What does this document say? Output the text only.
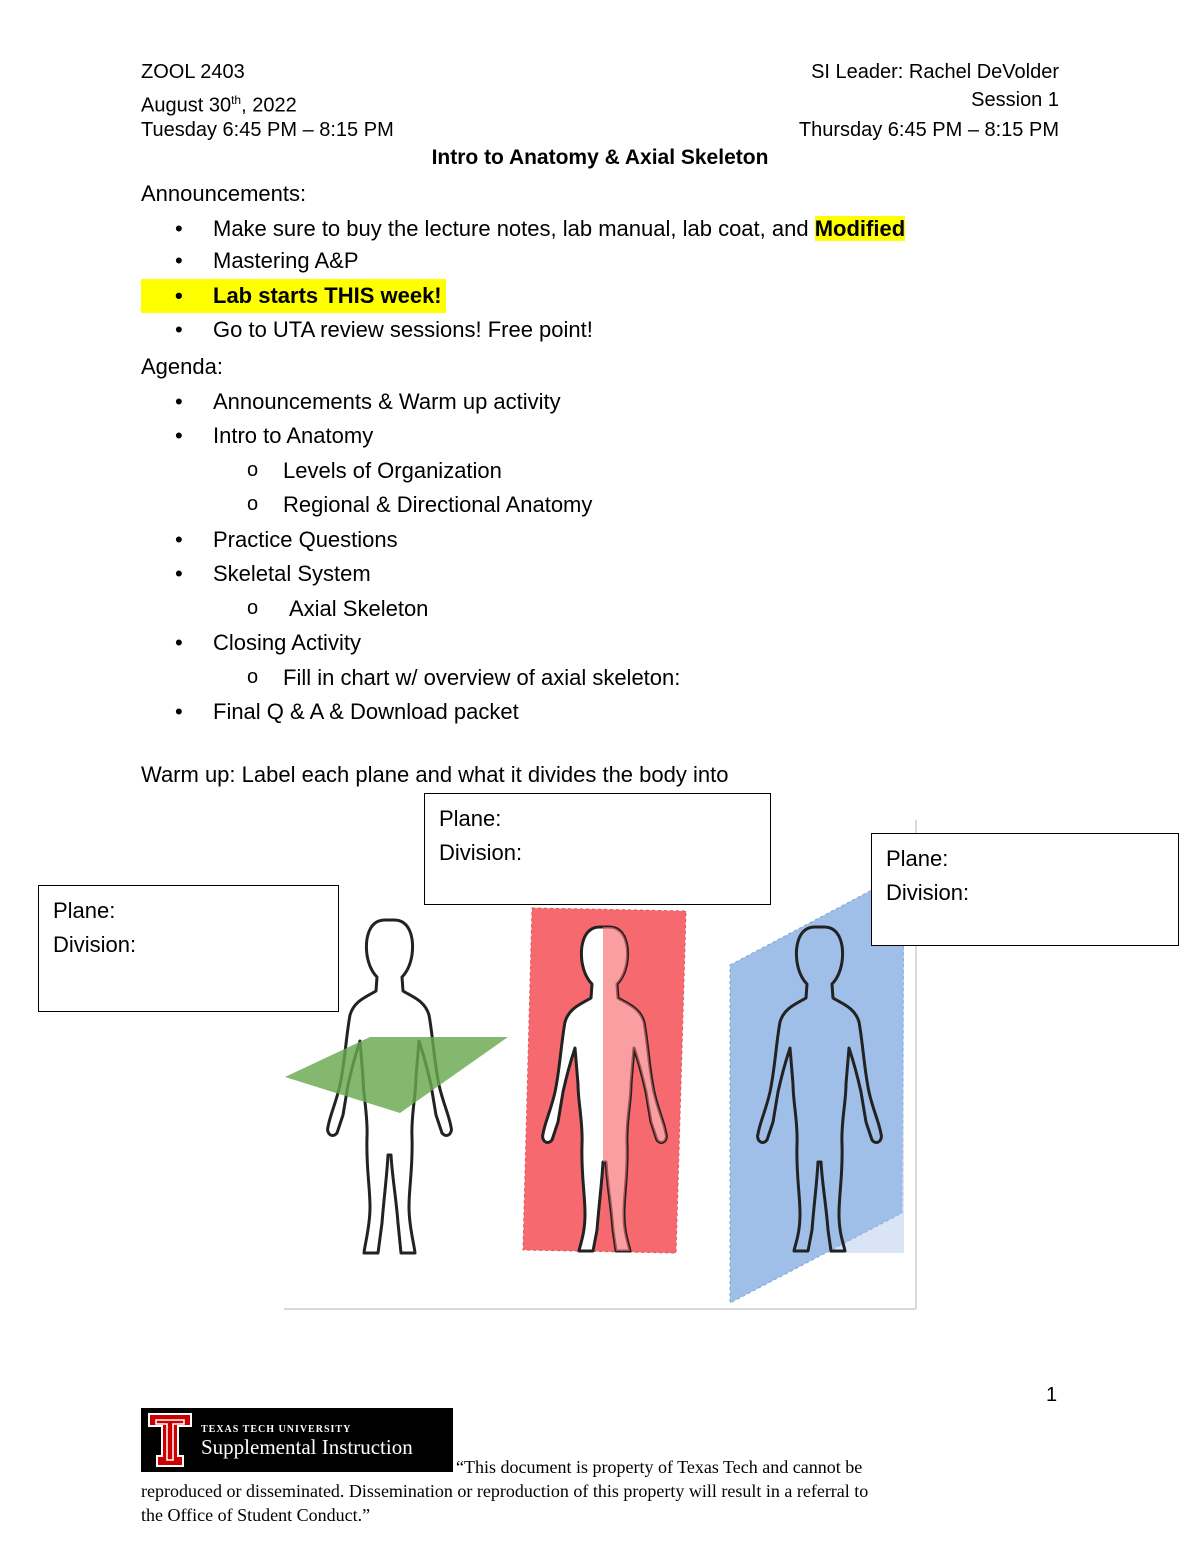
ZOOL 2403
August 30th, 2022
Tuesday 6:45 PM – 8:15 PM
SI Leader: Rachel DeVolder
Session 1
Thursday 6:45 PM – 8:15 PM
Intro to Anatomy & Axial Skeleton
Announcements:
• Make sure to buy the lecture notes, lab manual, lab coat, and Modified
• Mastering A&P
• Lab starts THIS week!
• Go to UTA review sessions! Free point!
Agenda:
• Announcements & Warm up activity
• Intro to Anatomy
o Levels of Organization
o Regional & Directional Anatomy
• Practice Questions
• Skeletal System
o Axial Skeleton
• Closing Activity
o Fill in chart w/ overview of axial skeleton:
• Final Q & A & Download packet
Warm up: Label each plane and what it divides the body into
Plane:
Division:
Plane:
Division:	Plane:
Division:
1
TEXAS TECH UNIVERSITY
Supplemental Instruction
“This document is property of Texas Tech and cannot be
reproduced or disseminated. Dissemination or reproduction of this property will result in a referral to
the Office of Student Conduct.”
